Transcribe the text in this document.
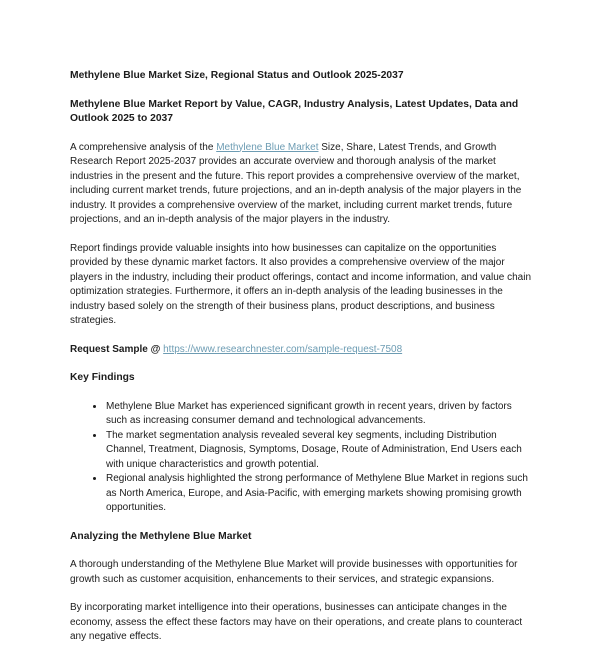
Methylene Blue Market Size, Regional Status and Outlook 2025-2037
Methylene Blue Market Report by Value, CAGR, Industry Analysis, Latest Updates, Data and Outlook 2025 to 2037

A comprehensive analysis of the Methylene Blue Market Size, Share, Latest Trends, and Growth Research Report 2025-2037 provides an accurate overview and thorough analysis of the market industries in the present and the future. This report provides a comprehensive overview of the market, including current market trends, future projections, and an in-depth analysis of the major players in the industry. It provides a comprehensive overview of the market, including current market trends, future projections, and an in-depth analysis of the major players in the industry.

Report findings provide valuable insights into how businesses can capitalize on the opportunities provided by these dynamic market factors. It also provides a comprehensive overview of the major players in the industry, including their product offerings, contact and income information, and value chain optimization strategies. Furthermore, it offers an in-depth analysis of the leading businesses in the industry based solely on the strength of their business plans, product descriptions, and business strategies.

Request Sample @ https://www.researchnester.com/sample-request-7508

Key Findings
• Methylene Blue Market has experienced significant growth in recent years, driven by factors such as increasing consumer demand and technological advancements.
• The market segmentation analysis revealed several key segments, including Distribution Channel, Treatment, Diagnosis, Symptoms, Dosage, Route of Administration, End Users each with unique characteristics and growth potential.
• Regional analysis highlighted the strong performance of Methylene Blue Market in regions such as North America, Europe, and Asia-Pacific, with emerging markets showing promising growth opportunities.
Analyzing the Methylene Blue Market

A thorough understanding of the Methylene Blue Market will provide businesses with opportunities for growth such as customer acquisition, enhancements to their services, and strategic expansions.

By incorporating market intelligence into their operations, businesses can anticipate changes in the economy, assess the effect these factors may have on their operations, and create plans to counteract any negative effects.
